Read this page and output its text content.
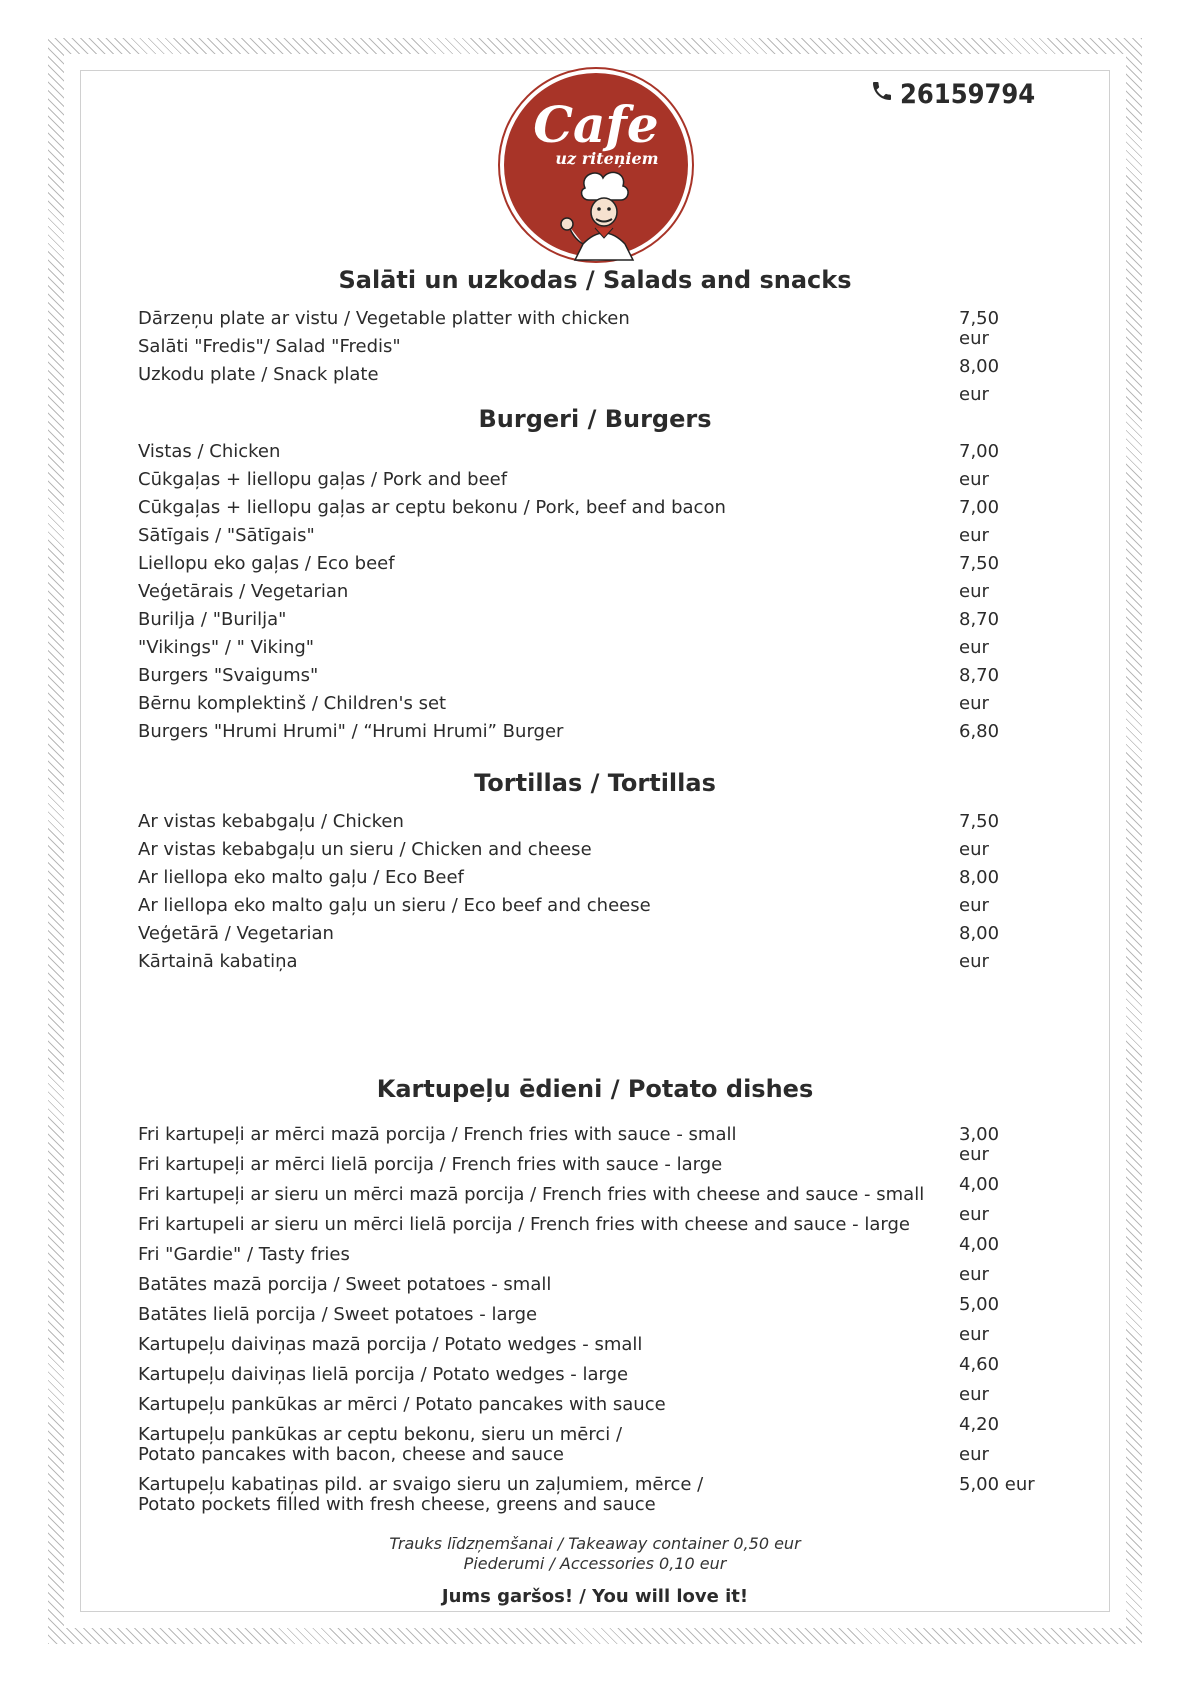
26159794
Cafe
uz riteņiem
Salāti un uzkodas / Salads and snacks
Dārzeņu plate ar vistu / Vegetable platter with chicken
Salāti "Fredis"/ Salad "Fredis"
Uzkodu plate / Snack plate
7,50
eur
8,00
eur
Burgeri / Burgers
Vistas / Chicken
Cūkgaļas + liellopu gaļas / Pork and beef
Cūkgaļas + liellopu gaļas ar ceptu bekonu / Pork, beef and bacon
Sātīgais / "Sātīgais"
Liellopu eko gaļas / Eco beef
Veģetārais / Vegetarian
Burilja / "Burilja"
"Vikings" / " Viking"
Burgers "Svaigums"
Bērnu komplektinš / Children's set
Burgers "Hrumi Hrumi" / “Hrumi Hrumi” Burger
7,00
eur
7,00
eur
7,50
eur
8,70
eur
8,70
eur
6,80
Tortillas / Tortillas
Ar vistas kebabgaļu / Chicken
Ar vistas kebabgaļu un sieru / Chicken and cheese
Ar liellopa eko malto gaļu / Eco Beef
Ar liellopa eko malto gaļu un sieru / Eco beef and cheese
Veģetārā / Vegetarian
Kārtainā kabatiņa
7,50
eur
8,00
eur
8,00
eur
Kartupeļu ēdieni / Potato dishes
Fri kartupeļi ar mērci mazā porcija / French fries with sauce - small
Fri kartupeļi ar mērci lielā porcija / French fries with sauce - large
Fri kartupeļi ar sieru un mērci mazā porcija / French fries with cheese and sauce - small
Fri kartupeli ar sieru un mērci lielā porcija / French fries with cheese and sauce - large
Fri "Gardie" / Tasty fries
Batātes mazā porcija / Sweet potatoes - small
Batātes lielā porcija / Sweet potatoes - large
Kartupeļu daiviņas mazā porcija / Potato wedges - small
Kartupeļu daiviņas lielā porcija / Potato wedges - large
Kartupeļu pankūkas ar mērci / Potato pancakes with sauce
Kartupeļu pankūkas ar ceptu bekonu, sieru un mērci /
Potato pancakes with bacon, cheese and sauce
Kartupeļu kabatiņas pild. ar svaigo sieru un zaļumiem, mērce /
Potato pockets filled with fresh cheese, greens and sauce
3,00
eur
4,00
eur
4,00
eur
5,00
eur
4,60
eur
4,20
eur
5,00 eur
Trauks līdzņemšanai / Takeaway container 0,50 eur
Piederumi / Accessories 0,10 eur
Jums garšos! / You will love it!
